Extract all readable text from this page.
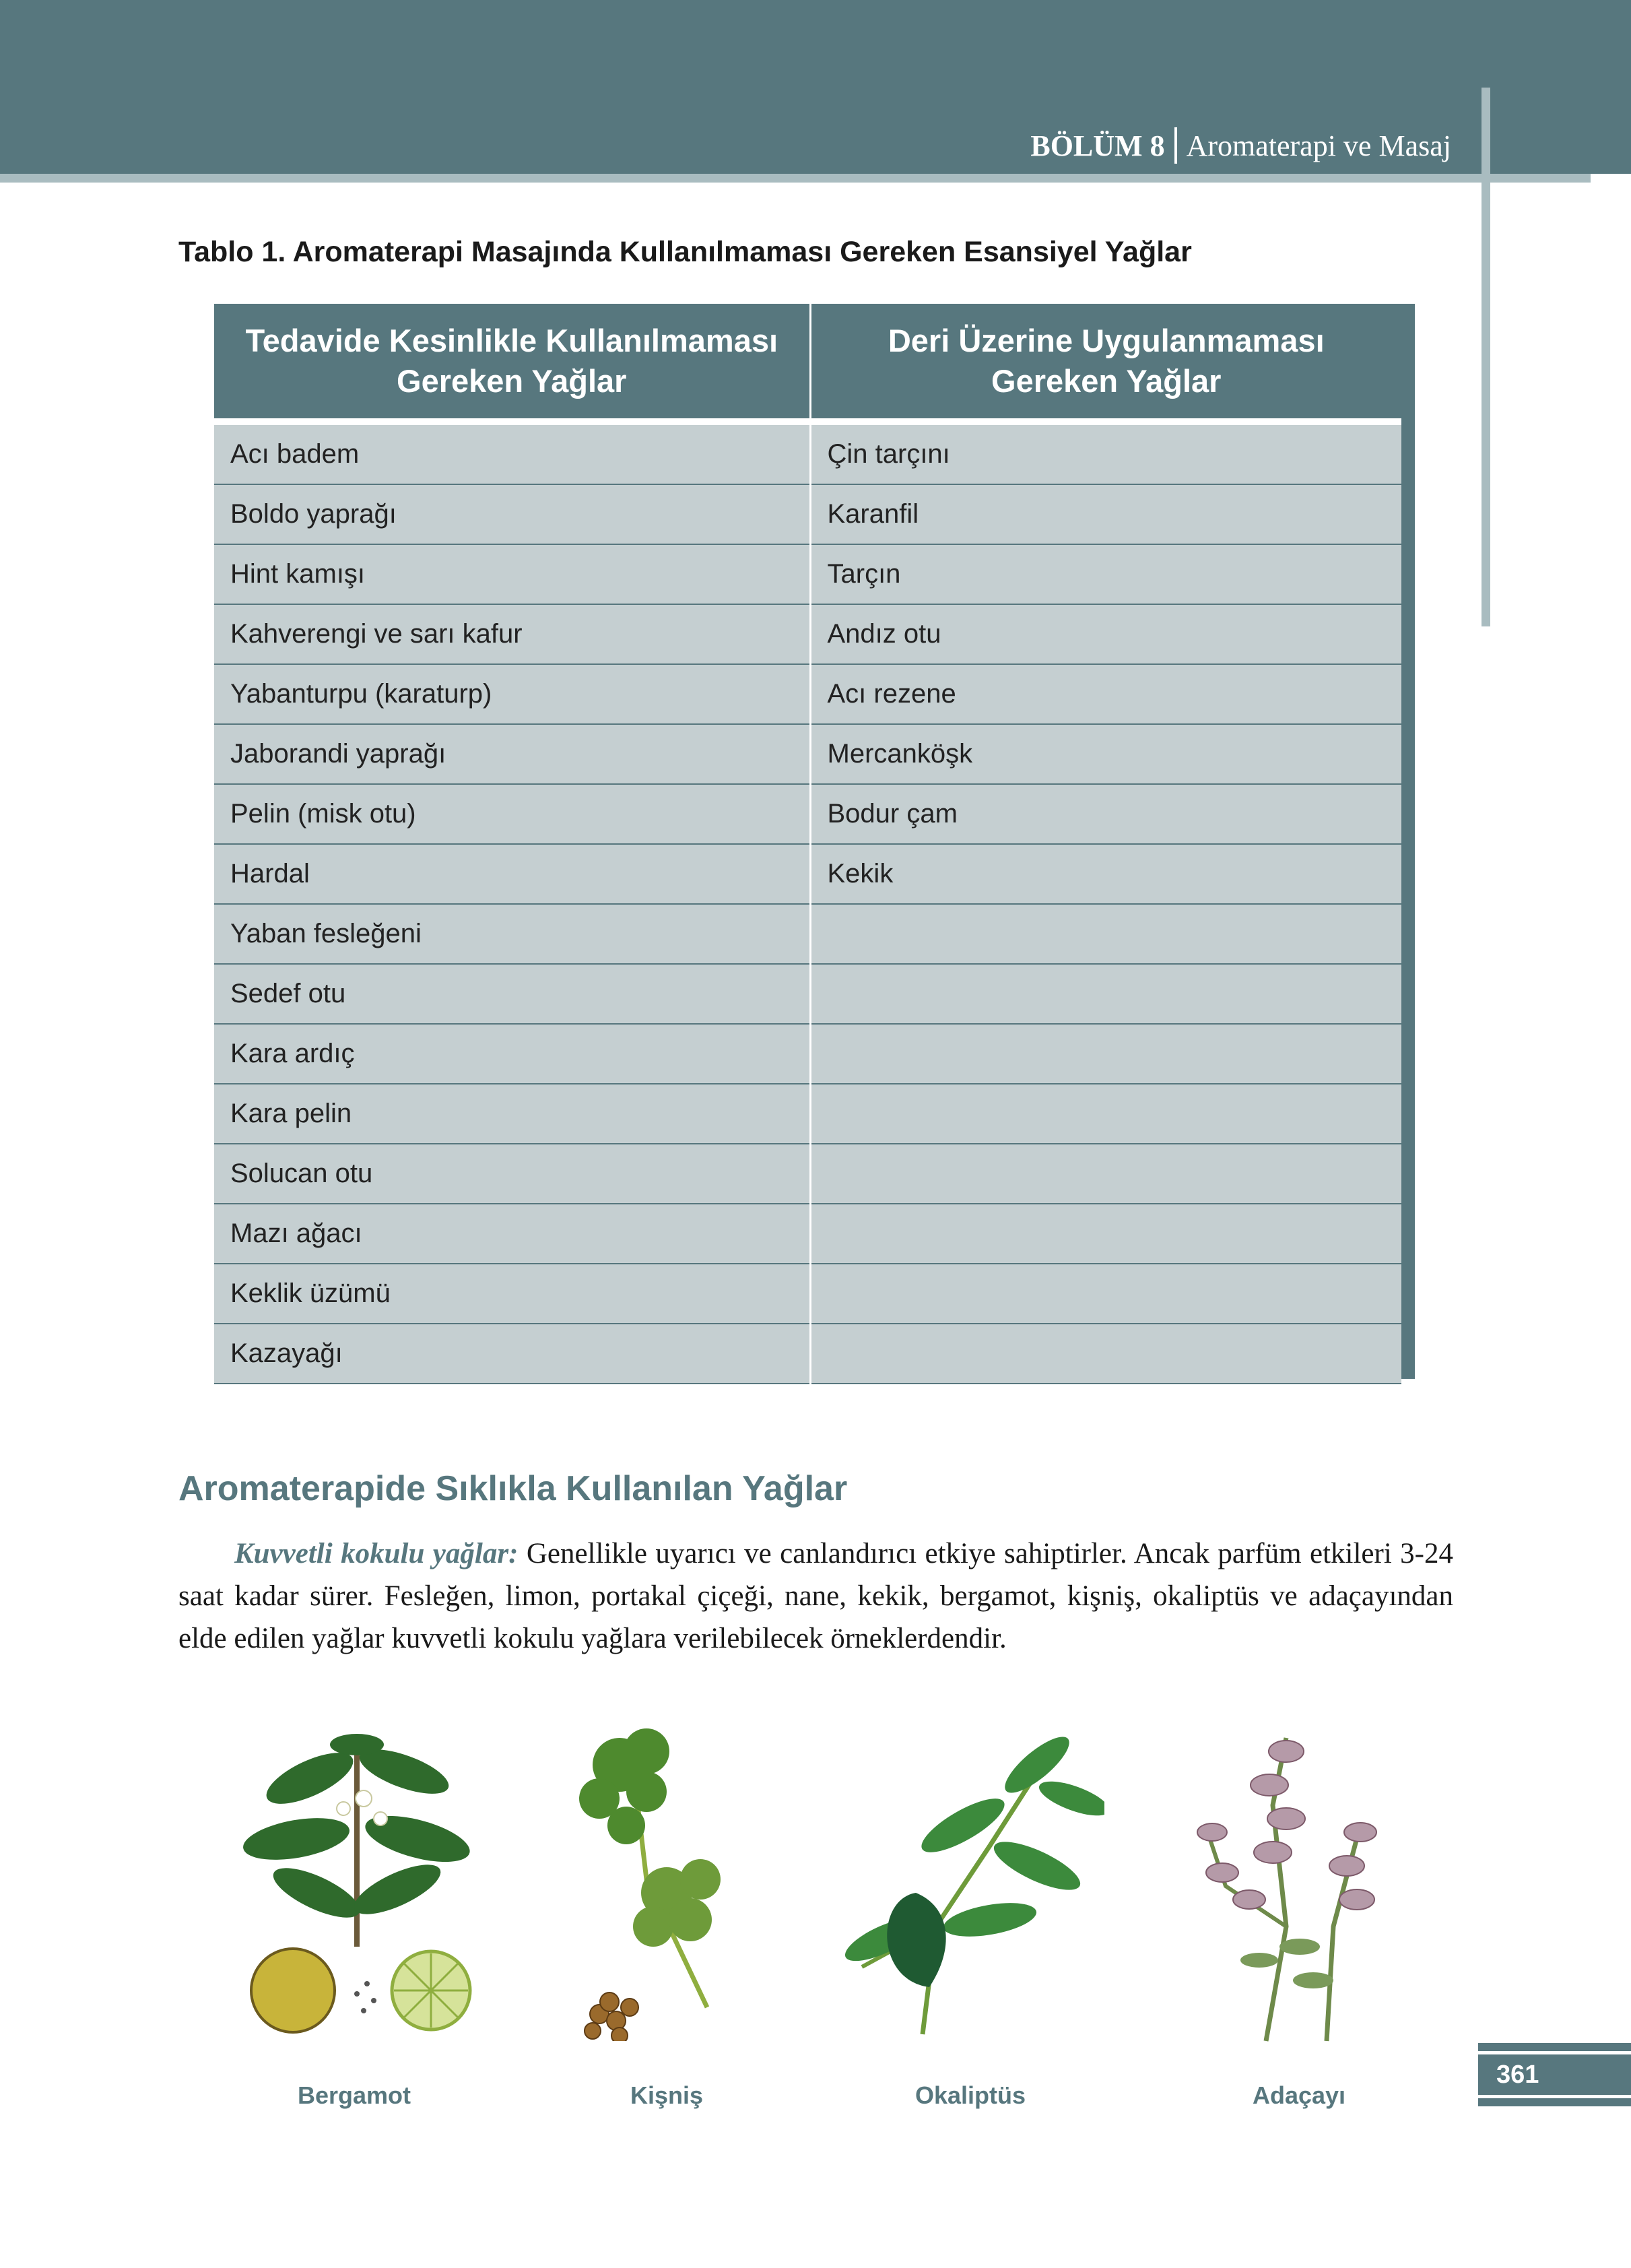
BÖLÜM 8 Aromaterapi ve Masaj
Tablo 1. Aromaterapi Masajında Kullanılmaması Gereken Esansiyel Yağlar
Tedavide Kesinlikle Kullanılmaması Gereken Yağlar	Deri Üzerine Uygulanmaması Gereken Yağlar

Acı badem	Çin tarçını
Boldo yaprağı	Karanfil
Hint kamışı	Tarçın
Kahverengi ve sarı kafur	Andız otu
Yabanturpu (karaturp)	Acı rezene
Jaborandi yaprağı	Mercanköşk
Pelin (misk otu)	Bodur çam
Hardal	Kekik
Yaban fesleğeni	
Sedef otu	
Kara ardıç	
Kara pelin	
Solucan otu	
Mazı ağacı	
Keklik üzümü	
Kazayağı	
Aromaterapide Sıklıkla Kullanılan Yağlar
Kuvvetli kokulu yağlar: Genellikle uyarıcı ve canlandırıcı etkiye sahiptirler. Ancak parfüm etkileri 3-24 saat kadar sürer. Fesleğen, limon, portakal çiçeği, nane, kekik, bergamot, kişniş, okaliptüs ve adaçayından elde edilen yağlar kuvvetli kokulu yağlara verilebilecek örneklerdendir.
Bergamot	Kişniş	Okaliptüs	Adaçayı
361
